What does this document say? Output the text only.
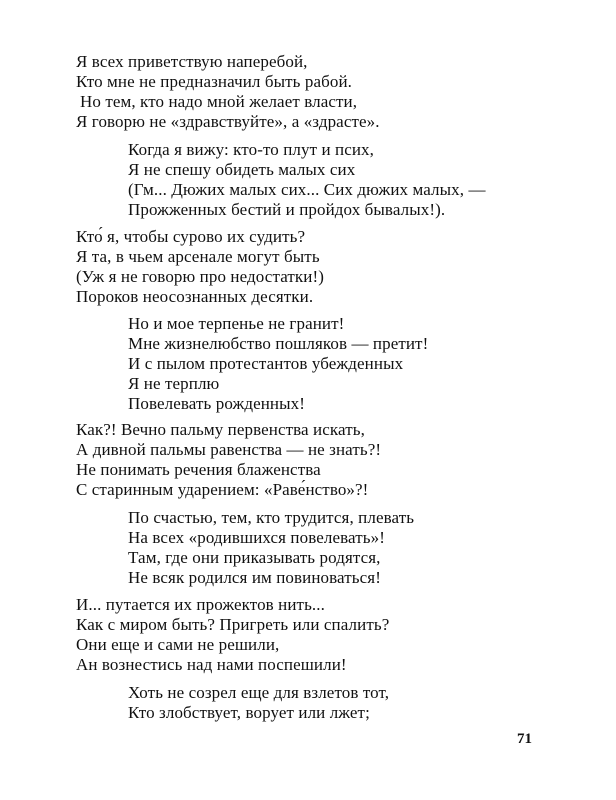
Я всех приветствую наперебой,
Кто мне не предназначил быть рабой.
Но тем, кто надо мной желает власти,
Я говорю не «здравствуйте», а «здрасте».
Когда я вижу: кто-то плут и псих,
Я не спешу обидеть малых сих
(Гм... Дюжих малых сих... Сих дюжих малых, —
Прожженных бестий и пройдох бывалых!).
Кто́ я, чтобы сурово их судить?
Я та, в чьем арсенале могут быть
(Уж я не говорю про недостатки!)
Пороков неосознанных десятки.
Но и мое терпенье не гранит!
Мне жизнелюбство пошляков — претит!
И с пылом протестантов убежденных
Я не терплю
Повелевать рожденных!
Как?! Вечно пальму первенства искать,
А дивной пальмы равенства — не знать?!
Не понимать речения блаженства
С старинным ударением: «Раве́нство»?!
По счастью, тем, кто трудится, плевать
На всех «родившихся повелевать»!
Там, где они приказывать родятся,
Не всяк родился им повиноваться!
И... путается их прожектов нить...
Как с миром быть? Пригреть или спалить?
Они еще и сами не решили,
Ан вознестись над нами поспешили!
Хоть не созрел еще для взлетов тот,
Кто злобствует, ворует или лжет;
71
